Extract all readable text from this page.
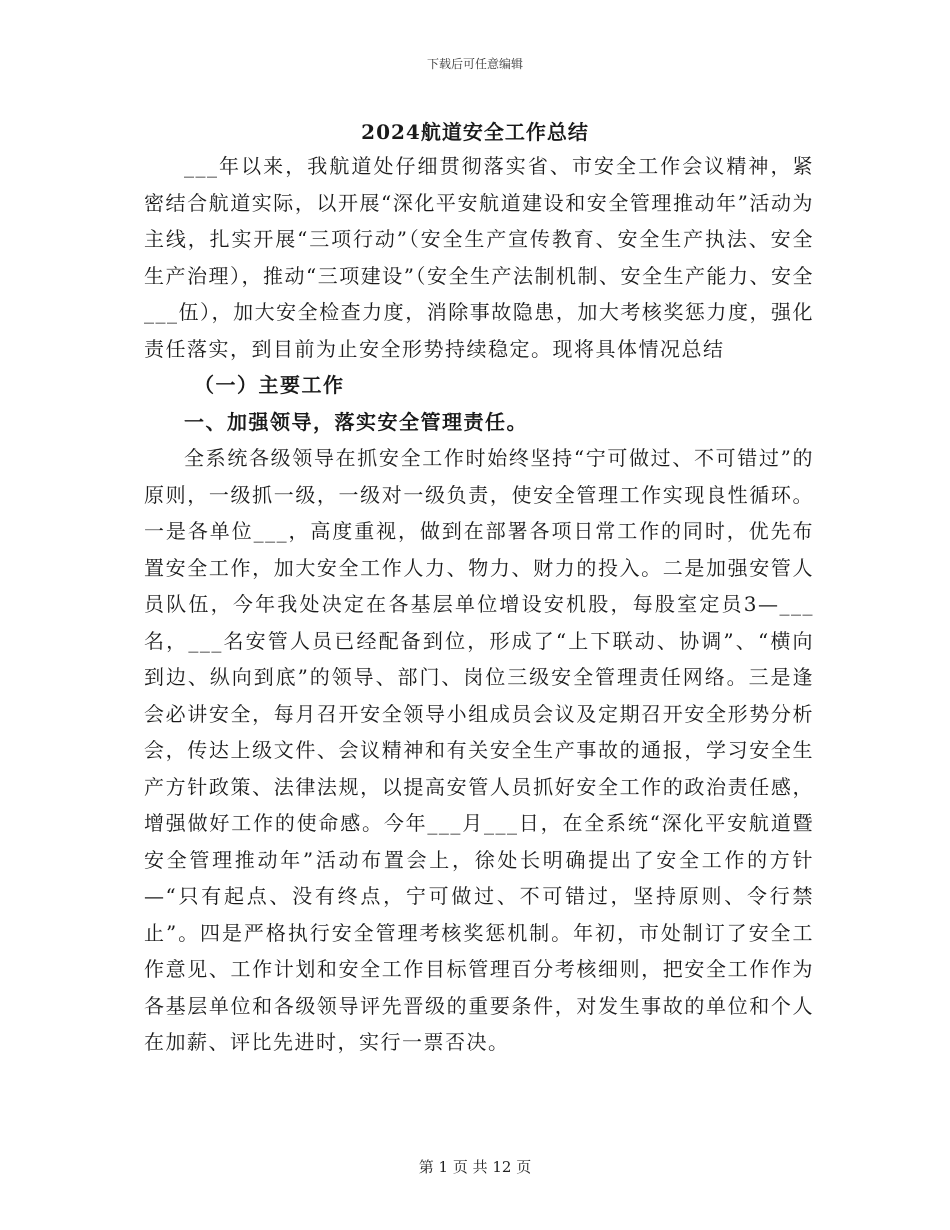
下载后可任意编辑
2024航道安全工作总结

___年以来，我航道处仔细贯彻落实省、市安全工作会议精神，紧密结合航道实际，以开展“深化平安航道建设和安全管理推动年”活动为主线，扎实开展“三项行动”（安全生产宣传教育、安全生产执法、安全生产治理），推动“三项建设”（安全生产法制机制、安全生产能力、安全___伍），加大安全检查力度，消除事故隐患，加大考核奖惩力度，强化责任落实，到目前为止安全形势持续稳定。现将具体情况总结

（一）主要工作

一、加强领导，落实安全管理责任。

全系统各级领导在抓安全工作时始终坚持“宁可做过、不可错过”的原则，一级抓一级，一级对一级负责，使安全管理工作实现良性循环。一是各单位___，高度重视，做到在部署各项日常工作的同时，优先布置安全工作，加大安全工作人力、物力、财力的投入。二是加强安管人员队伍，今年我处决定在各基层单位增设安机股，每股室定员3—___名，___名安管人员已经配备到位，形成了“上下联动、协调”、“横向到边、纵向到底”的领导、部门、岗位三级安全管理责任网络。三是逢会必讲安全，每月召开安全领导小组成员会议及定期召开安全形势分析会，传达上级文件、会议精神和有关安全生产事故的通报，学习安全生产方针政策、法律法规，以提高安管人员抓好安全工作的政治责任感，增强做好工作的使命感。今年___月___日，在全系统“深化平安航道暨安全管理推动年”活动布置会上，徐处长明确提出了安全工作的方针—“只有起点、没有终点，宁可做过、不可错过，坚持原则、令行禁止”。四是严格执行安全管理考核奖惩机制。年初，市处制订了安全工作意见、工作计划和安全工作目标管理百分考核细则，把安全工作作为各基层单位和各级领导评先晋级的重要条件，对发生事故的单位和个人在加薪、评比先进时，实行一票否决。

第 1 页 共 12 页
